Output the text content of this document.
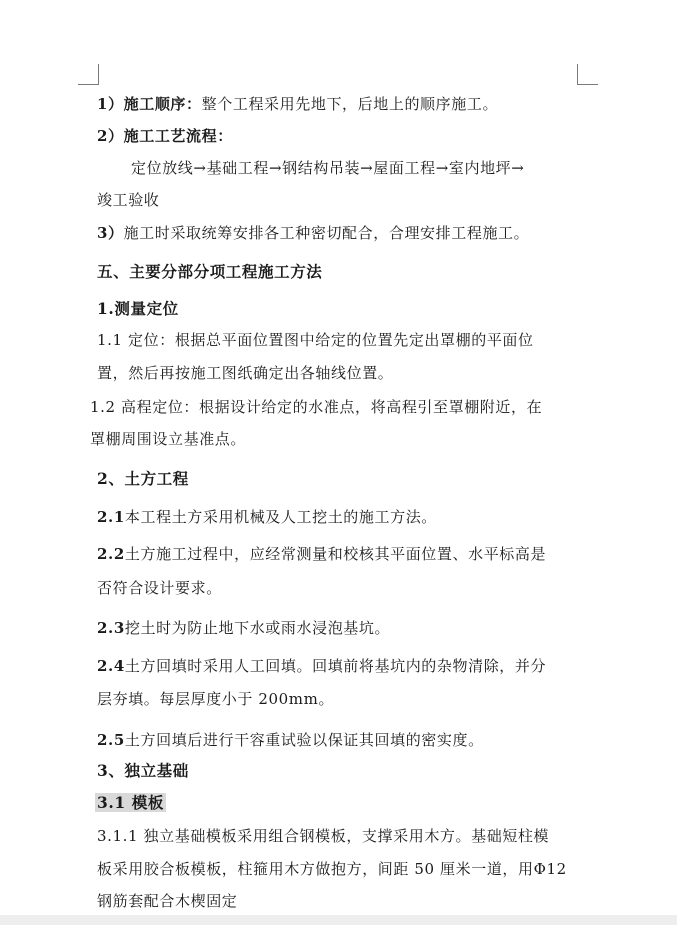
1）施工顺序：整个工程采用先地下，后地上的顺序施工。
2）施工工艺流程：
定位放线→基础工程→钢结构吊装→屋面工程→室内地坪→
竣工验收
3）施工时采取统筹安排各工种密切配合，合理安排工程施工。
五、主要分部分项工程施工方法
1.测量定位
1.1 定位：根据总平面位置图中给定的位置先定出罩棚的平面位
置，然后再按施工图纸确定出各轴线位置。
1.2 高程定位：根据设计给定的水准点，将高程引至罩棚附近，在
罩棚周围设立基准点。
2、土方工程
2.1本工程土方采用机械及人工挖土的施工方法。
2.2土方施工过程中，应经常测量和校核其平面位置、水平标高是
否符合设计要求。
2.3挖土时为防止地下水或雨水浸泡基坑。
2.4土方回填时采用人工回填。回填前将基坑内的杂物清除，并分
层夯填。每层厚度小于 200mm。
2.5土方回填后进行干容重试验以保证其回填的密实度。
3、独立基础
3.1 模板
3.1.1 独立基础模板采用组合钢模板，支撑采用木方。基础短柱模
板采用胶合板模板，柱箍用木方做抱方，间距 50 厘米一道，用Φ12
钢筋套配合木楔固定
